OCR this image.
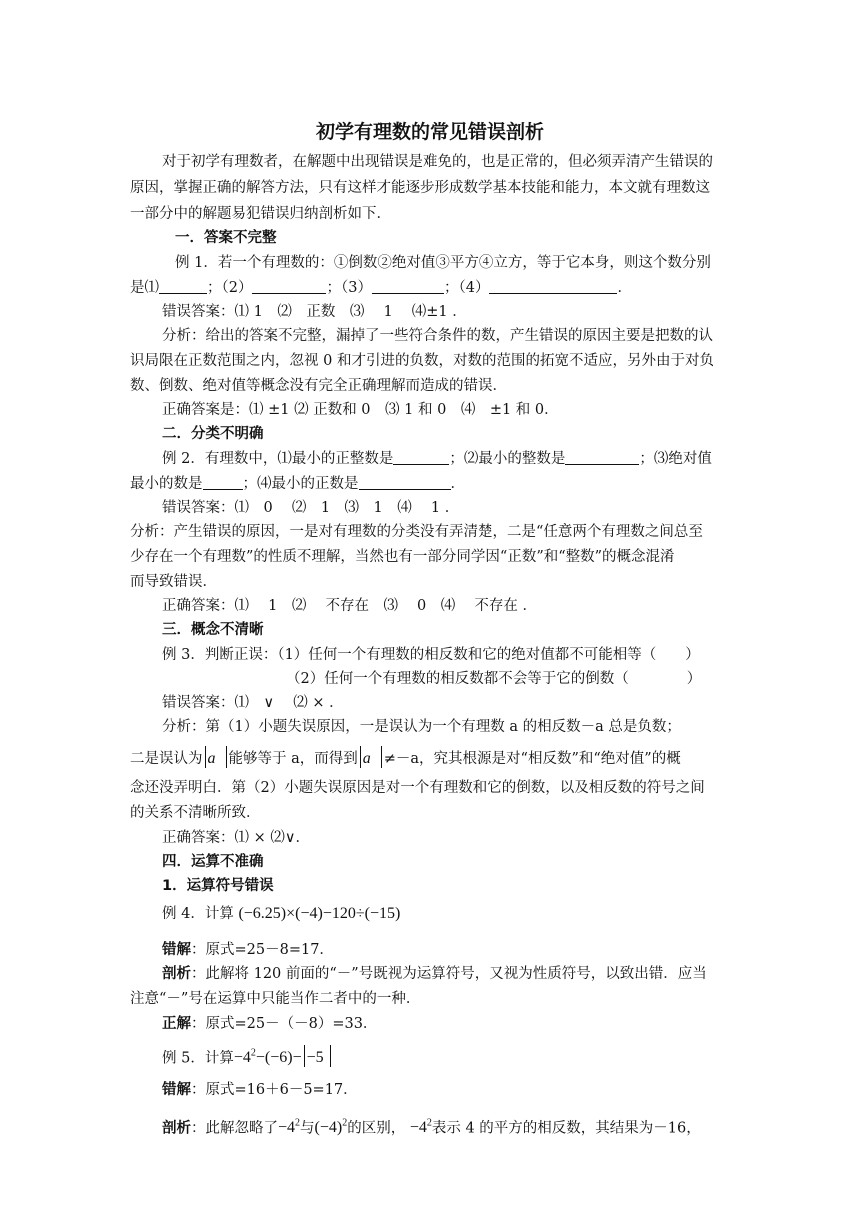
初学有理数的常见错误剖析
对于初学有理数者，在解题中出现错误是难免的，也是正常的，但必须弄清产生错误的
原因，掌握正确的解答方法，只有这样才能逐步形成数学基本技能和能力，本文就有理数这
一部分中的解题易犯错误归纳剖析如下．
一．答案不完整
例 1．若一个有理数的：①倒数②绝对值③平方④立方，等于它本身，则这个数分别
是⑴	；（2）	；（3）	；（4）	．
错误答案：⑴ 1　⑵　正数　⑶　 1　 ⑷±1 ．
分析：给出的答案不完整，漏掉了一些符合条件的数，产生错误的原因主要是把数的认
识局限在正数范围之内，忽视 0 和才引进的负数，对数的范围的拓宽不适应，另外由于对负
数、倒数、绝对值等概念没有完全正确理解而造成的错误．
正确答案是：⑴ ±1 ⑵ 正数和 0　⑶ 1 和 0　⑷　±1 和 0．
二．分类不明确
例 2．有理数中，⑴最小的正整数是	；⑵最小的整数是	；⑶绝对值
最小的数是	；⑷最小的正数是	．
错误答案：⑴　0　 ⑵　1　⑶　1　⑷　 1 ．
分析：产生错误的原因，一是对有理数的分类没有弄清楚，二是“任意两个有理数之间总至
少存在一个有理数”的性质不理解，当然也有一部分同学因“正数”和“整数”的概念混淆
而导致错误．
正确答案：⑴　 1　⑵　 不存在　⑶　 0　⑷　 不存在 ．
三．概念不清晰
例 3．判断正误：（1）任何一个有理数的相反数和它的绝对值都不可能相等（　　）
（2）任何一个有理数的相反数都不会等于它的倒数（　　　　）
错误答案：⑴　∨　 ⑵ × ．
分析：第（1）小题失误原因，一是误认为一个有理数 a 的相反数－a 总是负数；
二是误认为 a 能够等于 a，而得到 a ≠－a，究其根源是对“相反数”和“绝对值”的概
念还没弄明白．第（2）小题失误原因是对一个有理数和它的倒数，以及相反数的符号之间
的关系不清晰所致．
正确答案：⑴ × ⑵∨．
四．运算不准确
1．运算符号错误
例 4．计算 (−6.25)×(−4)−120÷(−15)
错解：原式=25－8=17．
剖析：此解将 120 前面的“－”号既视为运算符号，又视为性质符号，以致出错．应当
注意“－”号在运算中只能当作二者中的一种．
正解：原式=25－（－8）=33．
例 5．计算$-4^2-(-6)- -5$
错解：原式=16＋6－5=17．
剖析：此解忽略了$-4^2$与$(-4)^2$的区别， $-4^2$表示 4 的平方的相反数，其结果为－16，
